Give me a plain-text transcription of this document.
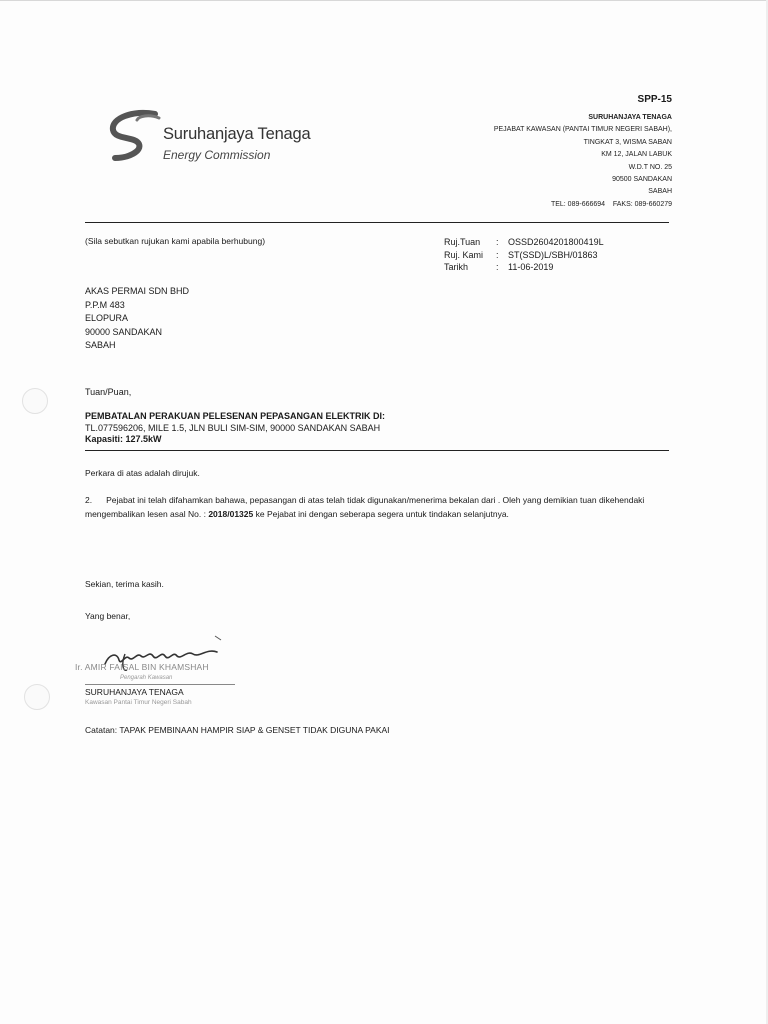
Suruhanjaya Tenaga
Energy Commission
SPP-15
SURUHANJAYA TENAGA
PEJABAT KAWASAN (PANTAI TIMUR NEGERI SABAH),
TINGKAT 3, WISMA SABAN
KM 12, JALAN LABUK
W.D.T NO. 25
90500 SANDAKAN
SABAH
TEL: 089-666694 FAKS: 089-660279
(Sila sebutkan rujukan kami apabila berhubung)	Ruj.Tuan	:	OSSD2604201800419L
Ruj. Kami	:	ST(SSD)L/SBH/01863
Tarikh	:	11-06-2019
AKAS PERMAI SDN BHD
P.P.M 483
ELOPURA
90000 SANDAKAN
SABAH
Tuan/Puan,
PEMBATALAN PERAKUAN PELESENAN PEPASANGAN ELEKTRIK DI:
TL.077596206, MILE 1.5, JLN BULI SIM-SIM, 90000 SANDAKAN SABAH
Kapasiti: 127.5kW
Perkara di atas adalah dirujuk.
2. Pejabat ini telah difahamkan bahawa, pepasangan di atas telah tidak digunakan/menerima bekalan dari . Oleh yang demikian tuan dikehendaki mengembalikan lesen asal No. : 2018/01325 ke Pejabat ini dengan seberapa segera untuk tindakan selanjutnya.
Sekian, terima kasih.
Yang benar,
Ir. AMIR FAISAL BIN KHAMSHAH
Pengarah Kawasan
SURUHANJAYA TENAGA
Kawasan Pantai Timur Negeri Sabah
Catatan: TAPAK PEMBINAAN HAMPIR SIAP & GENSET TIDAK DIGUNA PAKAI
